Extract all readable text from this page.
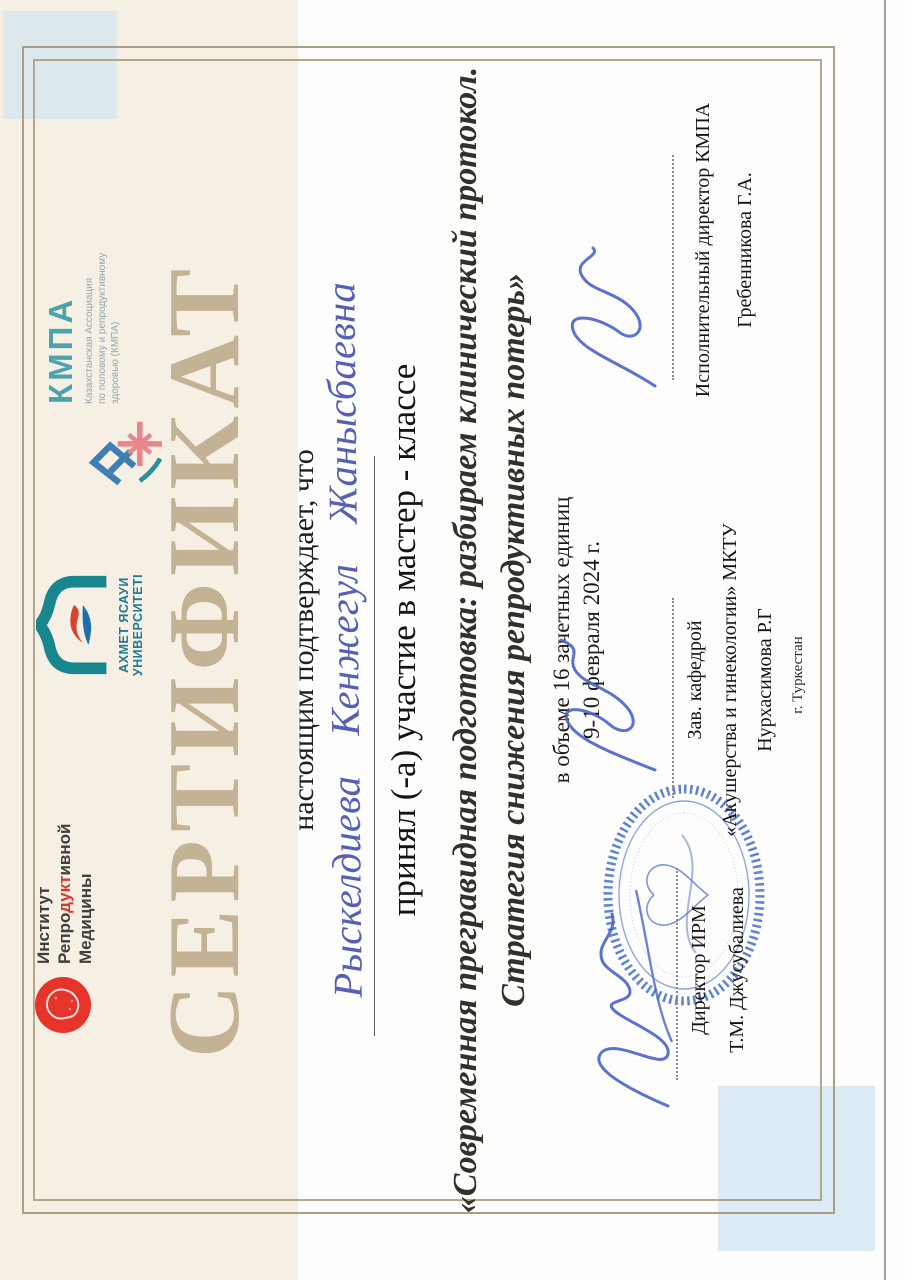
Институт Репродуктивной
Медицины
АХМЕТ ЯСАУИ
УНИВЕРСИТЕТІ
КМПА Казахстанская Ассоциация по половому и репродуктивному здоровью (КМПА) СЕРТИФИКАТ настоящим подтверждает, что
Рыскелдиева Кенжегул Жанысбаевна принял (-а) участие в мастер - классе «Современная прегравидная подготовка: разбираем клинический протокол. Стратегия снижения репродуктивных потерь» в объеме 16 зачетных единиц 9-10 февраля 2024 г.
Директор ИРМ Т.М. Джусубалиева
Зав. кафедрой «Акушерства и гинекологии» МКТУ Нурхасимова Р.Г
Исполнительный директор КМПА Гребенникова Г.А.
г. Туркестан
